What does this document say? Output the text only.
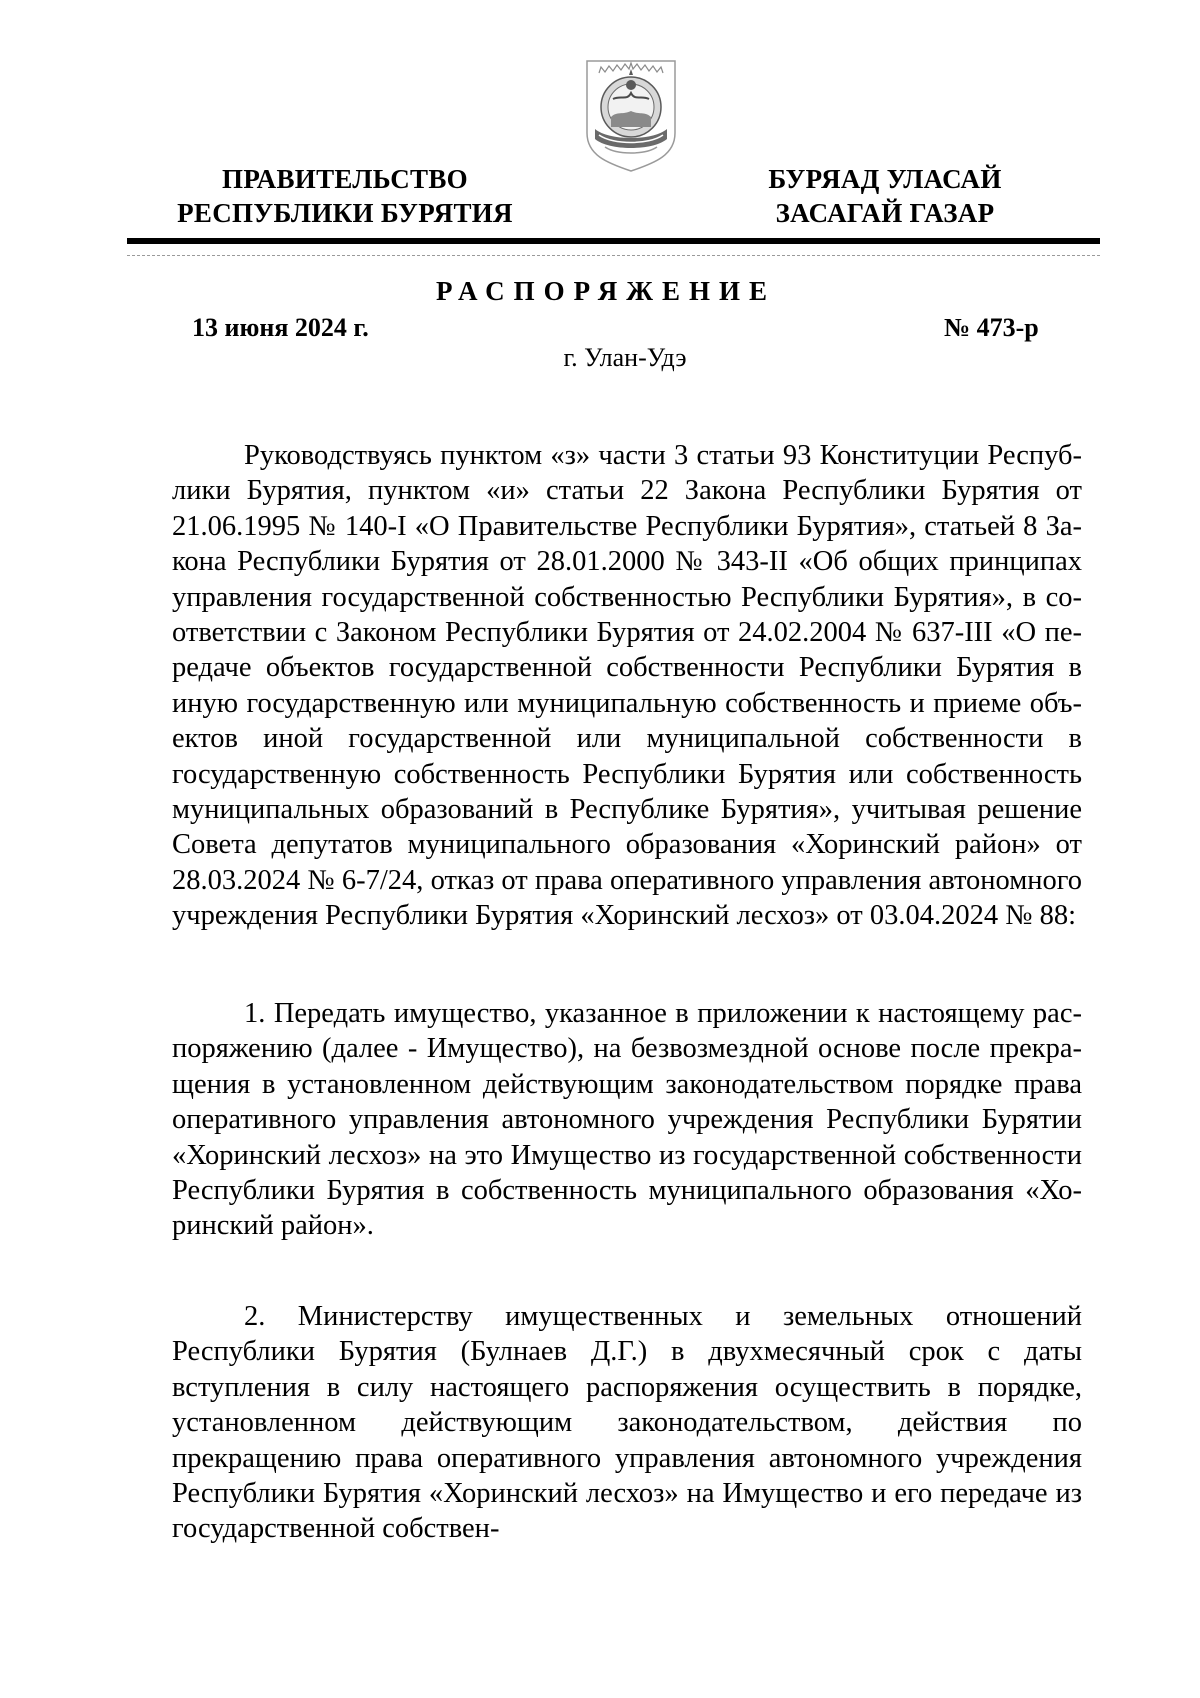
ПРАВИТЕЛЬСТВО
РЕСПУБЛИКИ БУРЯТИЯ
БУРЯАД УЛАСАЙ
ЗАСАГАЙ ГАЗАР
РАСПОРЯЖЕНИЕ
13 июня 2024 г.	№ 473-р
г. Улан-Удэ

Руководствуясь пунктом «з» части 3 статьи 93 Конституции Республики Бурятия, пунктом «и» статьи 22 Закона Республики Бурятия от 21.06.1995 № 140-I «О Правительстве Республики Бурятия», статьей 8 Закона Республики Бурятия от 28.01.2000 № 343-II «Об общих принципах управления государственной собственностью Республики Бурятия», в соответствии с Законом Республики Бурятия от 24.02.2004 № 637-III «О передаче объектов государственной собственности Республики Бурятия в иную государственную или муниципальную собственность и приеме объектов иной государственной или муниципальной собственности в государственную собственность Республики Бурятия или собственность муниципальных образований в Республике Бурятия», учитывая решение Совета депутатов муниципального образования «Хоринский район» от 28.03.2024 № 6-7/24, отказ от права оперативного управления автономного учреждения Республики Бурятия «Хоринский лесхоз» от 03.04.2024 № 88:

1. Передать имущество, указанное в приложении к настоящему распоряжению (далее - Имущество), на безвозмездной основе после прекращения в установленном действующим законодательством порядке права оперативного управления автономного учреждения Республики Бурятии «Хоринский лесхоз» на это Имущество из государственной собственности Республики Бурятия в собственность муниципального образования «Хоринский район».

2. Министерству имущественных и земельных отношений Республики Бурятия (Булнаев Д.Г.) в двухмесячный срок с даты вступления в силу настоящего распоряжения осуществить в порядке, установленном действующим законодательством, действия по прекращению права оперативного управления автономного учреждения Республики Бурятия «Хоринский лесхоз» на Имущество и его передаче из государственной собствен-
